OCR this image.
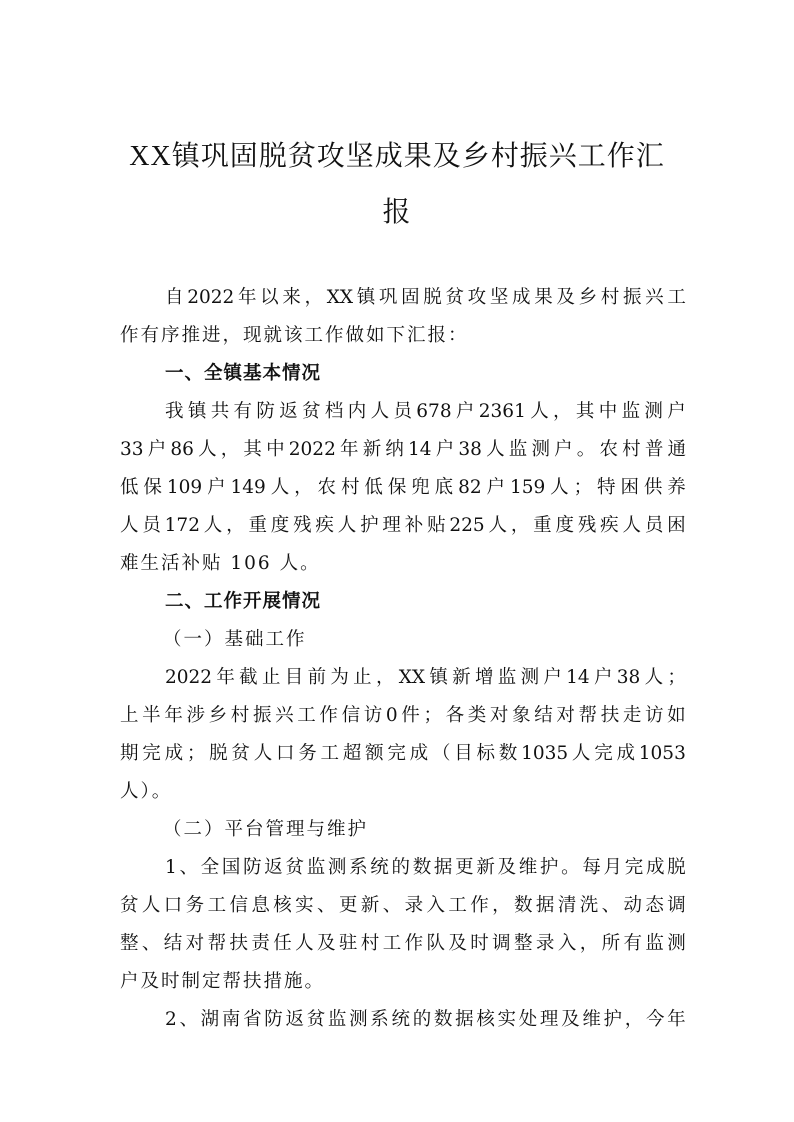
XX镇巩固脱贫攻坚成果及乡村振兴工作汇
报
自 2022 年 以 来 ， XX 镇 巩 固 脱 贫 攻 坚 成 果 及 乡 村 振 兴 工
作有序推进，现就该工作做如下汇报：
一、全镇基本情况
我 镇 共 有 防 返 贫 档 内 人 员 678 户 2361 人 ， 其 中 监 测 户
33 户 86 人 ， 其 中 2022 年 新 纳 14 户 38 人 监 测 户 。 农 村 普 通
低 保 109 户 149 人 ， 农 村 低 保 兜 底 82 户 159 人 ； 特 困 供 养
人 员 172 人 ， 重 度 残 疾 人 护 理 补 贴 225 人 ， 重 度 残 疾 人 员 困
难生活补贴 106 人。
二、工作开展情况
（一）基础工作
2022 年 截 止 目 前 为 止 ， XX 镇 新 增 监 测 户 14 户 38 人 ；
上 半 年 涉 乡 村 振 兴 工 作 信 访 0 件 ； 各 类 对 象 结 对 帮 扶 走 访 如
期 完 成 ； 脱 贫 人 口 务 工 超 额 完 成 （ 目 标 数 1035 人 完 成 1053
人）。
（二）平台管理与维护
1 、 全 国 防 返 贫 监 测 系 统 的 数 据 更 新 及 维 护 。 每 月 完 成 脱
贫 人 口 务 工 信 息 核 实 、 更 新 、 录 入 工 作 ， 数 据 清 洗 、 动 态 调
整 、 结 对 帮 扶 责 任 人 及 驻 村 工 作 队 及 时 调 整 录 入 ， 所 有 监 测
户及时制定帮扶措施。
2 、 湖 南 省 防 返 贫 监 测 系 统 的 数 据 核 实 处 理 及 维 护 ， 今 年
